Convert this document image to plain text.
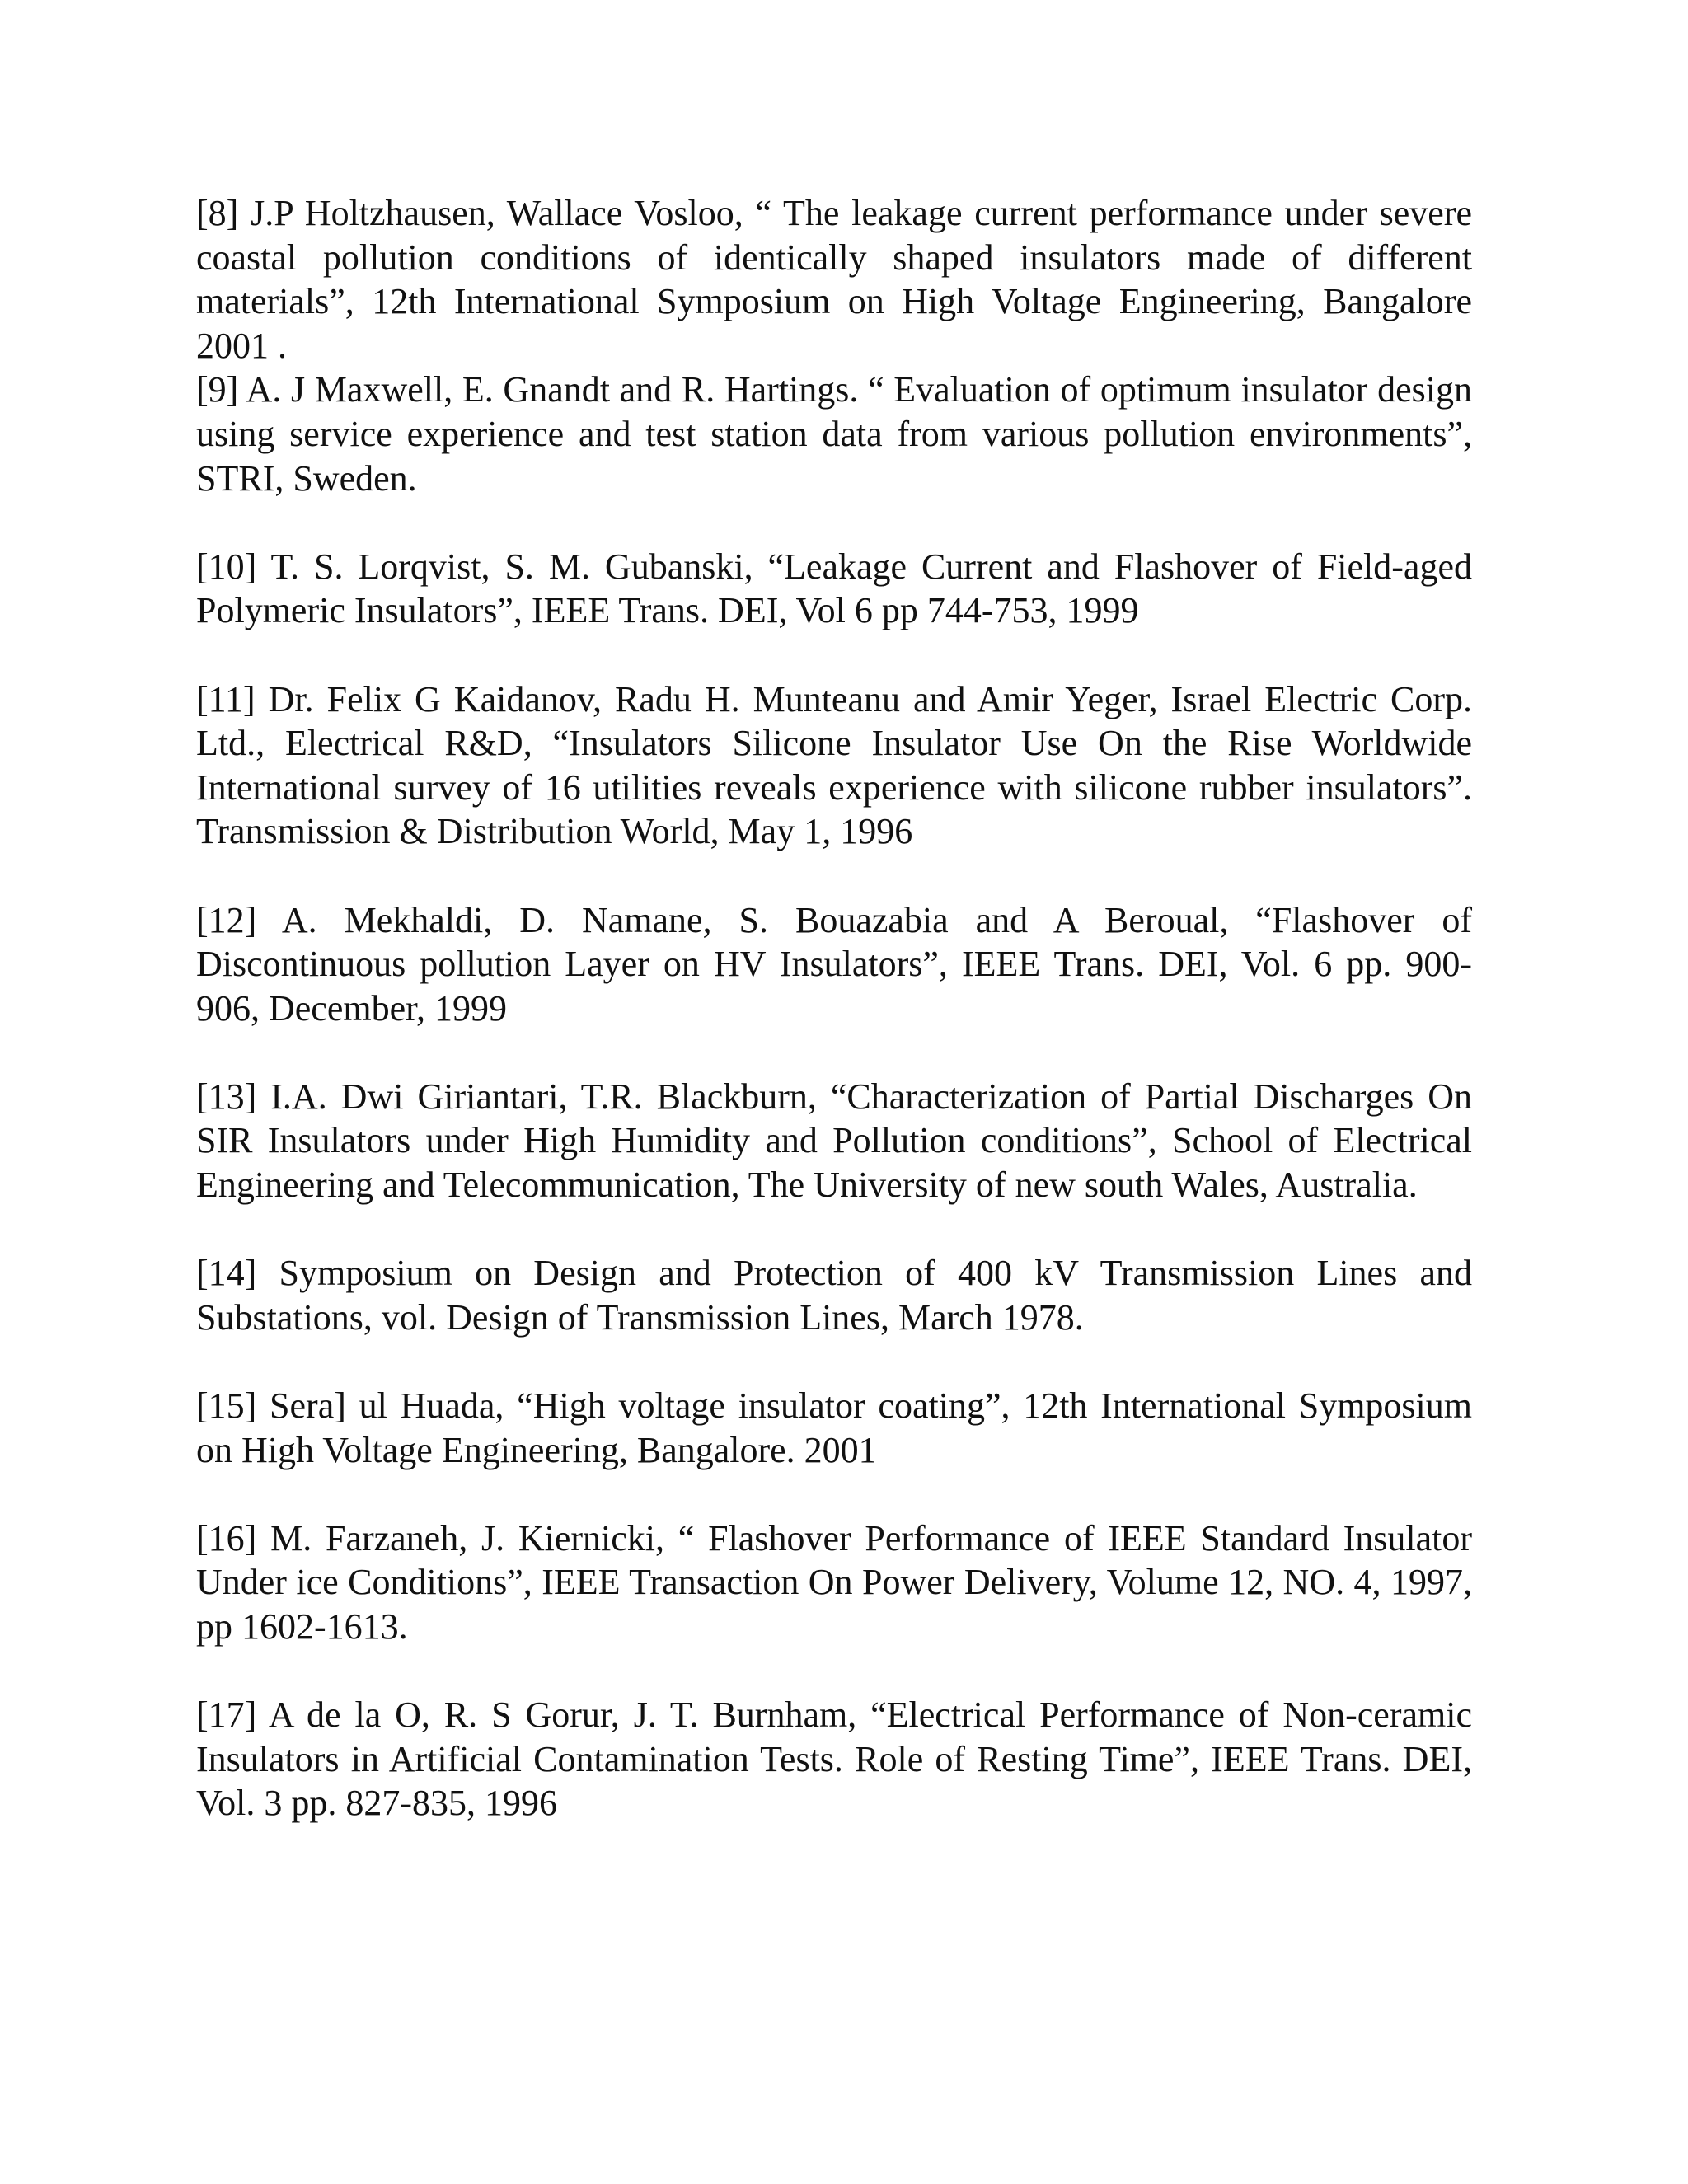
[8] J.P Holtzhausen, Wallace Vosloo, “ The leakage current performance under severe coastal pollution conditions of identically shaped insulators made of different materials”, 12th International Symposium on High Voltage Engineering, Bangalore 2001 .

[9] A. J Maxwell, E. Gnandt and R. Hartings. “ Evaluation of optimum insulator design using service experience and test station data from various pollution environments”, STRI, Sweden.

[10] T. S. Lorqvist, S. M. Gubanski, “Leakage Current and Flashover of Field-aged Polymeric Insulators”, IEEE Trans. DEI, Vol 6 pp 744-753, 1999

[11] Dr. Felix G Kaidanov, Radu H. Munteanu and Amir Yeger, Israel Electric Corp. Ltd., Electrical R&D, “Insulators Silicone Insulator Use On the Rise Worldwide International survey of 16 utilities reveals experience with silicone rubber insulators”. Transmission & Distribution World, May 1, 1996

[12] A. Mekhaldi, D. Namane, S. Bouazabia and A Beroual, “Flashover of Discontinuous pollution Layer on HV Insulators”, IEEE Trans. DEI, Vol. 6 pp. 900-906, December, 1999

[13] I.A. Dwi Giriantari, T.R. Blackburn, “Characterization of Partial Discharges On SIR Insulators under High Humidity and Pollution conditions”, School of Electrical Engineering and Telecommunication, The University of new south Wales, Australia.

[14] Symposium on Design and Protection of 400 kV Transmission Lines and Substations, vol. Design of Transmission Lines, March 1978.

[15] Sera] ul Huada, “High voltage insulator coating”, 12th International Symposium on High Voltage Engineering, Bangalore. 2001

[16] M. Farzaneh, J. Kiernicki, “ Flashover Performance of IEEE Standard Insulator Under ice Conditions”, IEEE Transaction On Power Delivery, Volume 12, NO. 4, 1997, pp 1602-1613.

[17] A de la O, R. S Gorur, J. T. Burnham, “Electrical Performance of Non-ceramic Insulators in Artificial Contamination Tests. Role of Resting Time”, IEEE Trans. DEI, Vol. 3 pp. 827-835, 1996
